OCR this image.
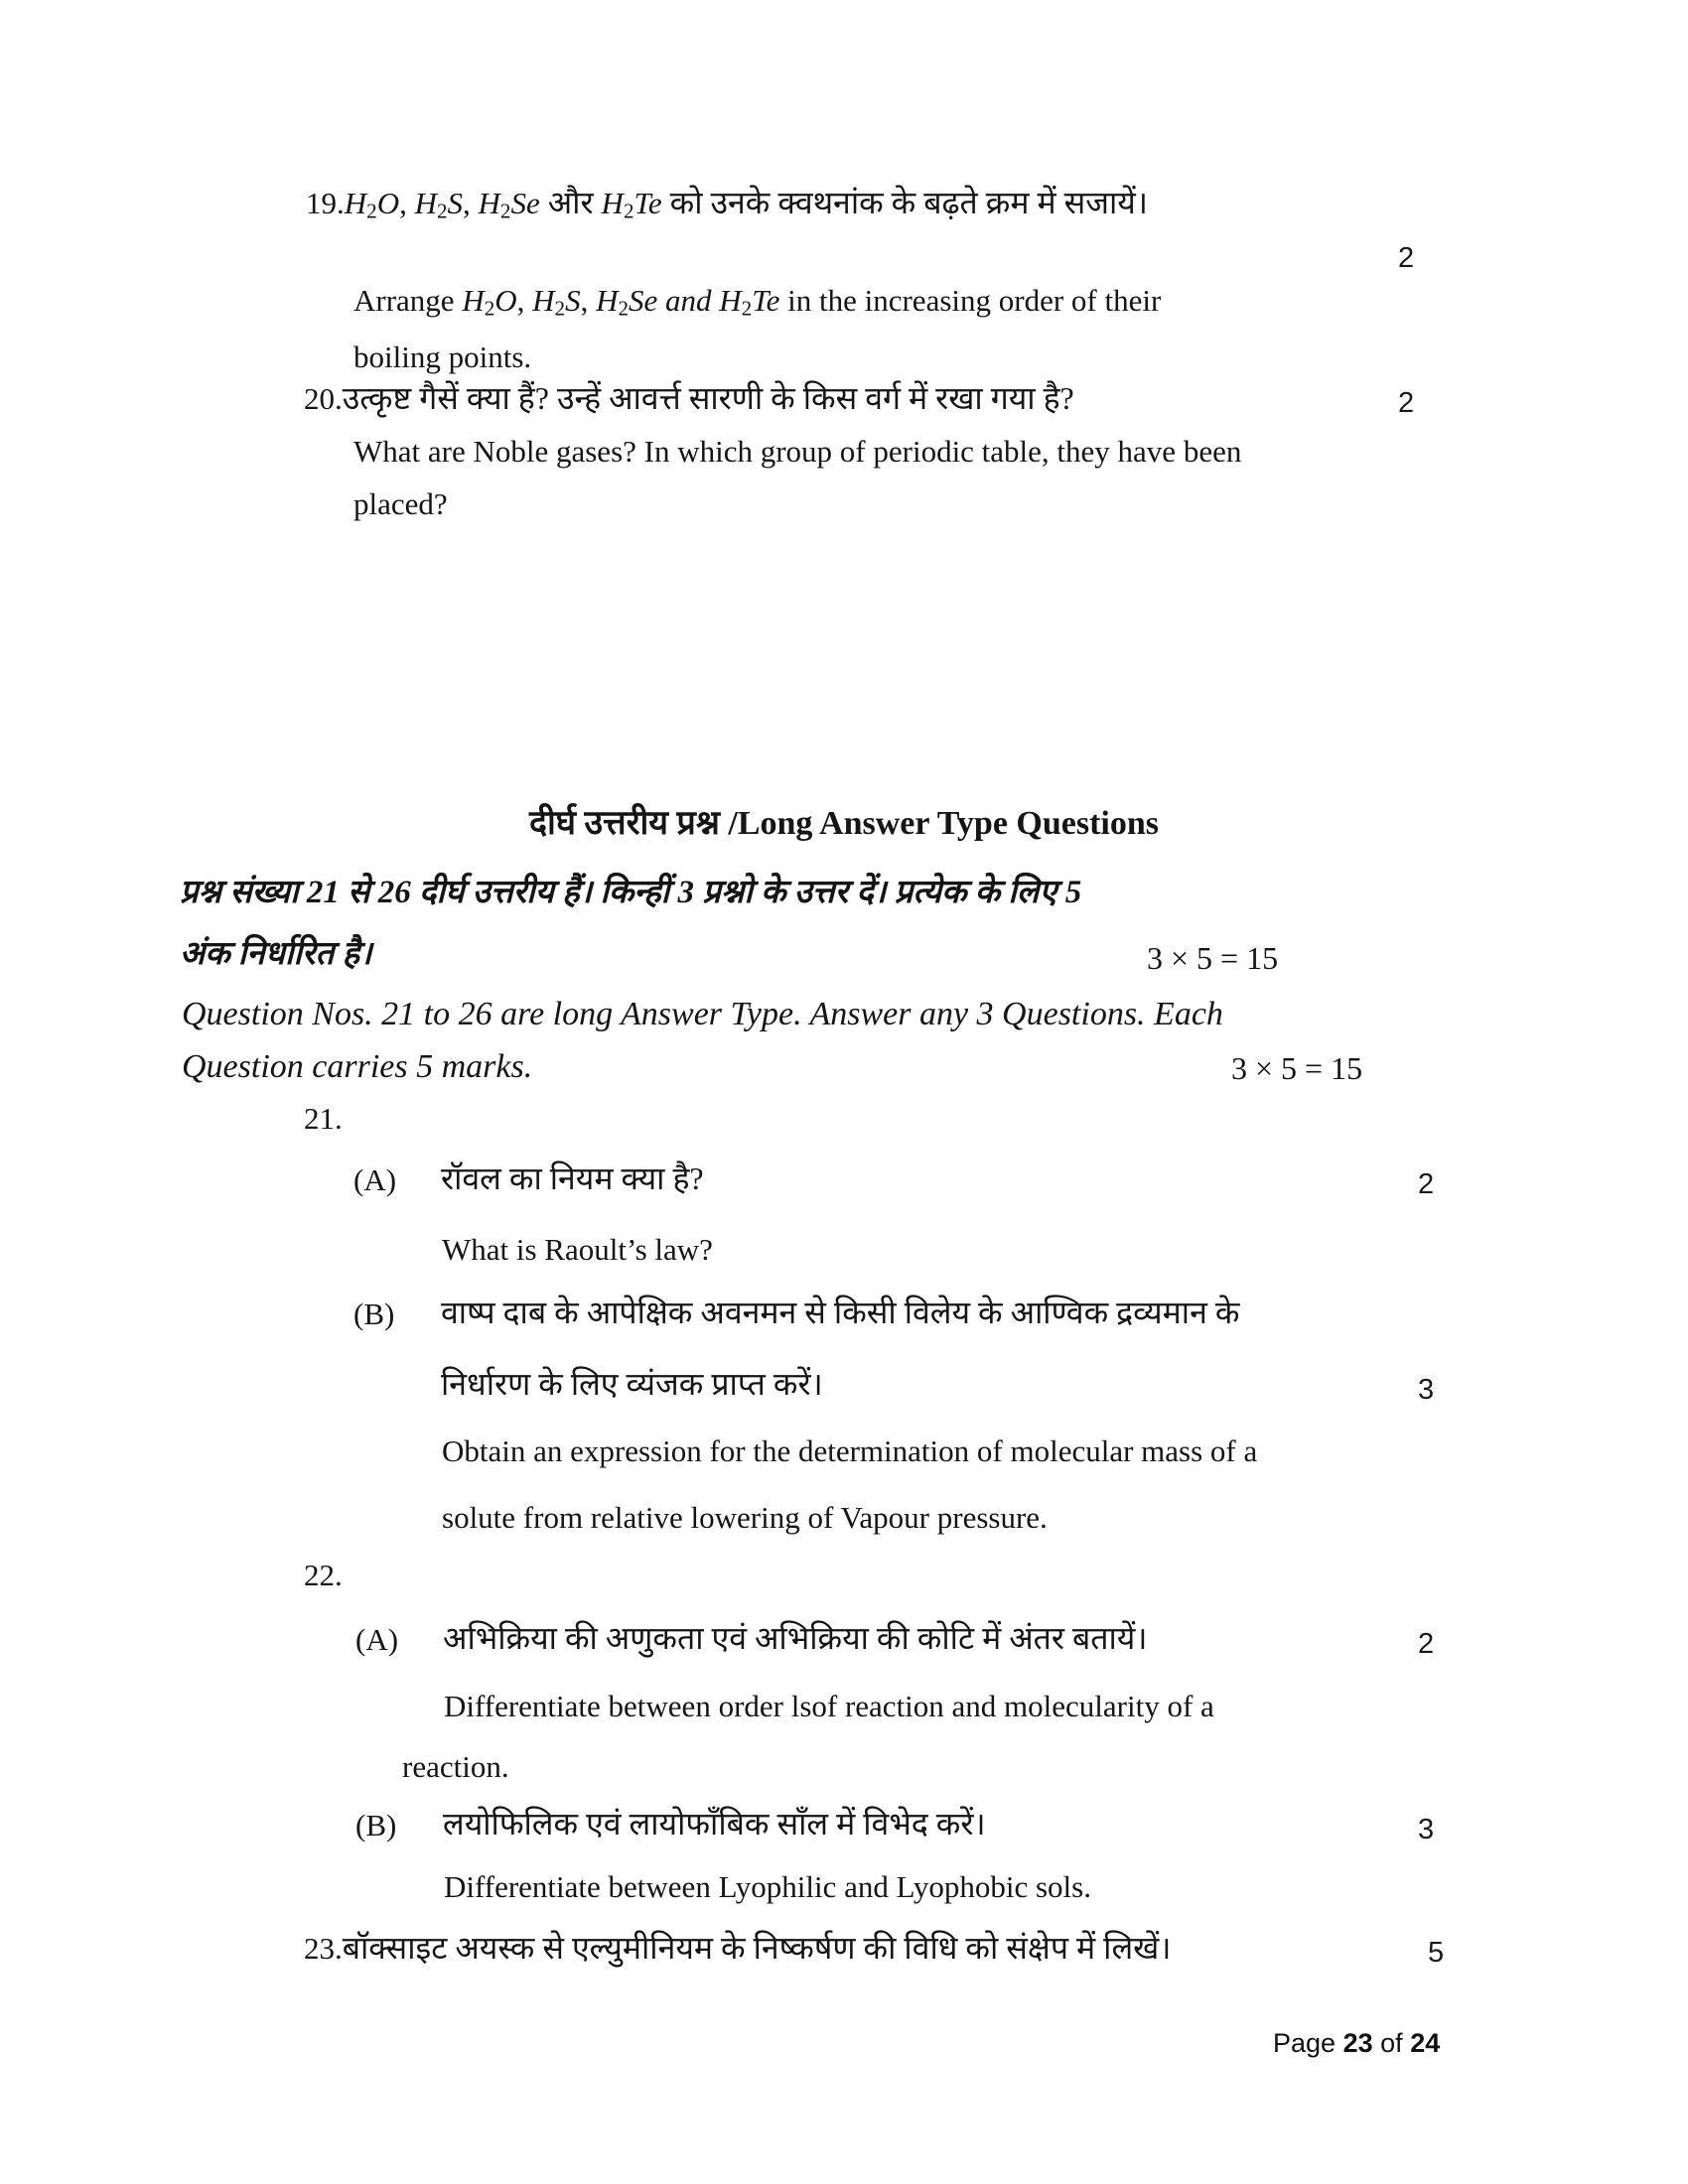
$19.H_2O$, $H_2S$, $H_2Se$ और $H_2Te$ को उनके क्वथनांक के बढ़ते क्रम में सजायें।
2
Arrange $H_2O$, $H_2S$, $H_2Se$ and $H_2Te$ in the increasing order of their
boiling points.
20.उत्कृष्ट गैसें क्या हैं? उन्हें आवर्त्त सारणी के किस वर्ग में रखा गया है?	2
What are Noble gases? In which group of periodic table, they have been
placed?
दीर्घ उत्तरीय प्रश्न /Long Answer Type Questions
प्रश्न संख्या 21 से 26 दीर्घ उत्तरीय हैं। किन्हीं 3 प्रश्नो के उत्तर दें। प्रत्येक के लिए 5
अंक निर्धारित है।	3 × 5 = 15
Question Nos. 21 to 26 are long Answer Type. Answer any 3 Questions. Each
Question carries 5 marks.	3 × 5 = 15
21.
(A) रॉवल का नियम क्या है?	2
What is Raoult’s law?
(B) वाष्प दाब के आपेक्षिक अवनमन से किसी विलेय के आण्विक द्रव्यमान के
निर्धारण के लिए व्यंजक प्राप्त करें।	3
Obtain an expression for the determination of molecular mass of a
solute from relative lowering of Vapour pressure.
22.
(A) अभिक्रिया की अणुकता एवं अभिक्रिया की कोटि में अंतर बतायें।	2
Differentiate between order lsof reaction and molecularity of a
reaction.
(B) लयोफिलिक एवं लायोफाँबिक साँल में विभेद करें।	3
Differentiate between Lyophilic and Lyophobic sols.
23.बॉक्साइट अयस्क से एल्युमीनियम के निष्कर्षण की विधि को संक्षेप में लिखें।	5
Page 23 of 24
